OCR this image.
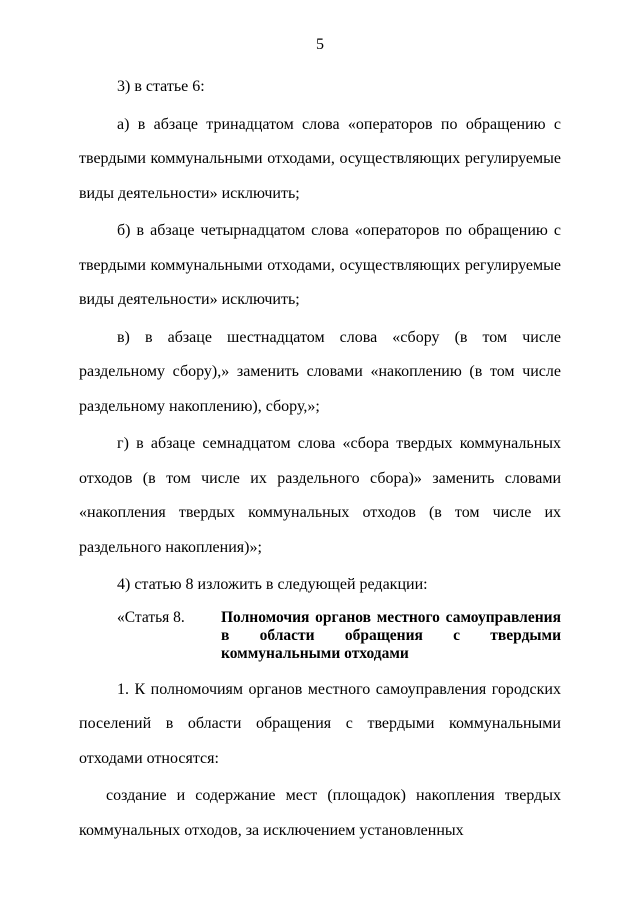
5

3) в статье 6:

а) в абзаце тринадцатом слова «операторов по обращению с твердыми коммунальными отходами, осуществляющих регулируемые виды деятельности» исключить;

б) в абзаце четырнадцатом слова «операторов по обращению с твердыми коммунальными отходами, осуществляющих регулируемые виды деятельности» исключить;

в) в абзаце шестнадцатом слова «сбору (в том числе раздельному сбору),» заменить словами «накоплению (в том числе раздельному накоплению), сбору,»;

г) в абзаце семнадцатом слова «сбора твердых коммунальных отходов (в том числе их раздельного сбора)» заменить словами «накопления твердых коммунальных отходов (в том числе их раздельного накопления)»;

4) статью 8 изложить в следующей редакции:

«Статья 8.	Полномочия органов местного самоуправления в области обращения с твердыми коммунальными отходами

1. К полномочиям органов местного самоуправления городских поселений в области обращения с твердыми коммунальными отходами относятся:

создание и содержание мест (площадок) накопления твердых коммунальных отходов, за исключением установленных
